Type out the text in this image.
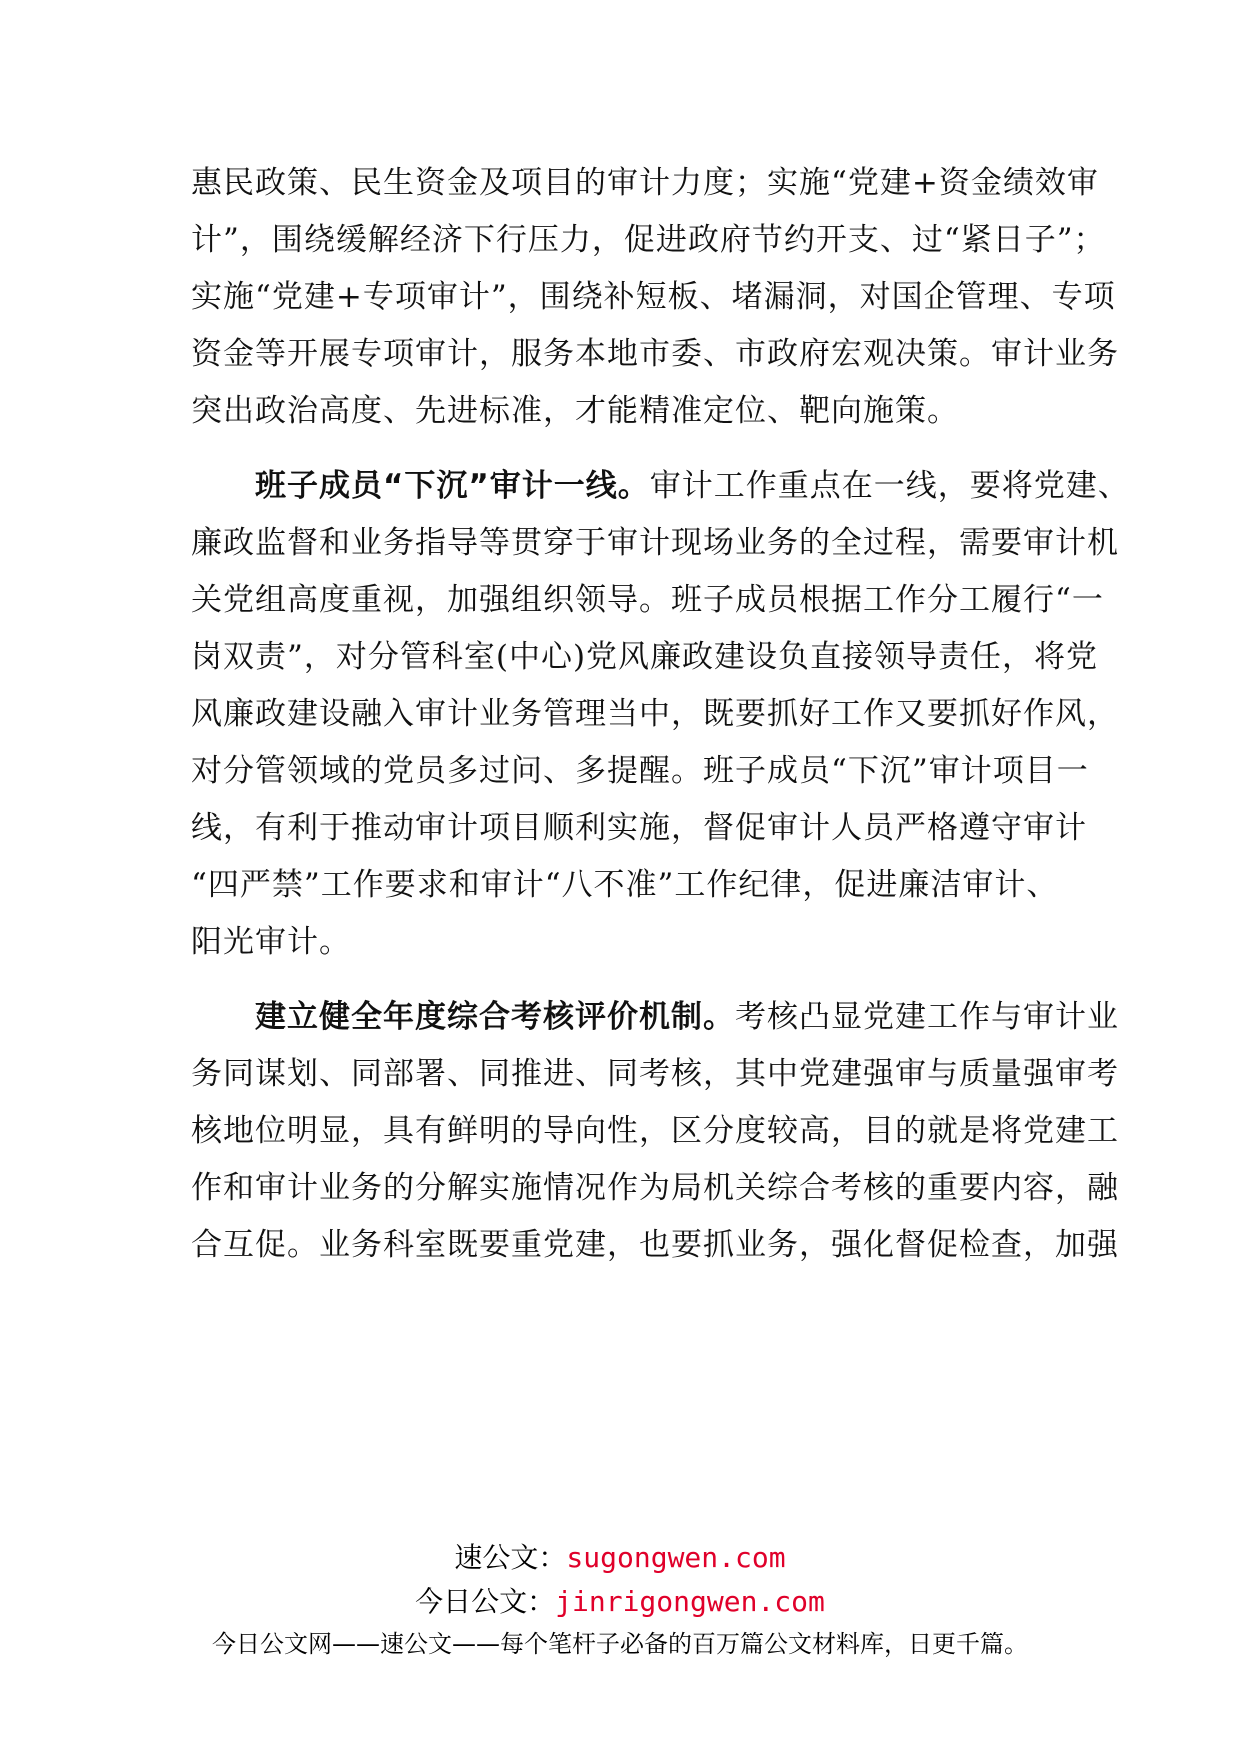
惠民政策、民生资金及项目的审计力度；实施“党建+资金绩效审
计”，围绕缓解经济下行压力，促进政府节约开支、过“紧日子”；
实施“党建+专项审计”，围绕补短板、堵漏洞，对国企管理、专项
资金等开展专项审计，服务本地市委、市政府宏观决策。审计业务
突出政治高度、先进标准，才能精准定位、靶向施策。
班子成员“下沉”审计一线。审计工作重点在一线，要将党建、
廉政监督和业务指导等贯穿于审计现场业务的全过程，需要审计机
关党组高度重视，加强组织领导。班子成员根据工作分工履行“一
岗双责”，对分管科室(中心)党风廉政建设负直接领导责任，将党
风廉政建设融入审计业务管理当中，既要抓好工作又要抓好作风，
对分管领域的党员多过问、多提醒。班子成员“下沉”审计项目一
线，有利于推动审计项目顺利实施，督促审计人员严格遵守审计
“四严禁”工作要求和审计“八不准”工作纪律，促进廉洁审计、
阳光审计。
建立健全年度综合考核评价机制。考核凸显党建工作与审计业
务同谋划、同部署、同推进、同考核，其中党建强审与质量强审考
核地位明显，具有鲜明的导向性，区分度较高，目的就是将党建工
作和审计业务的分解实施情况作为局机关综合考核的重要内容，融
合互促。业务科室既要重党建，也要抓业务，强化督促检查，加强
速公文：sugongwen.com
今日公文：jinrigongwen.com
今日公文网——速公文——每个笔杆子必备的百万篇公文材料库，日更千篇。
